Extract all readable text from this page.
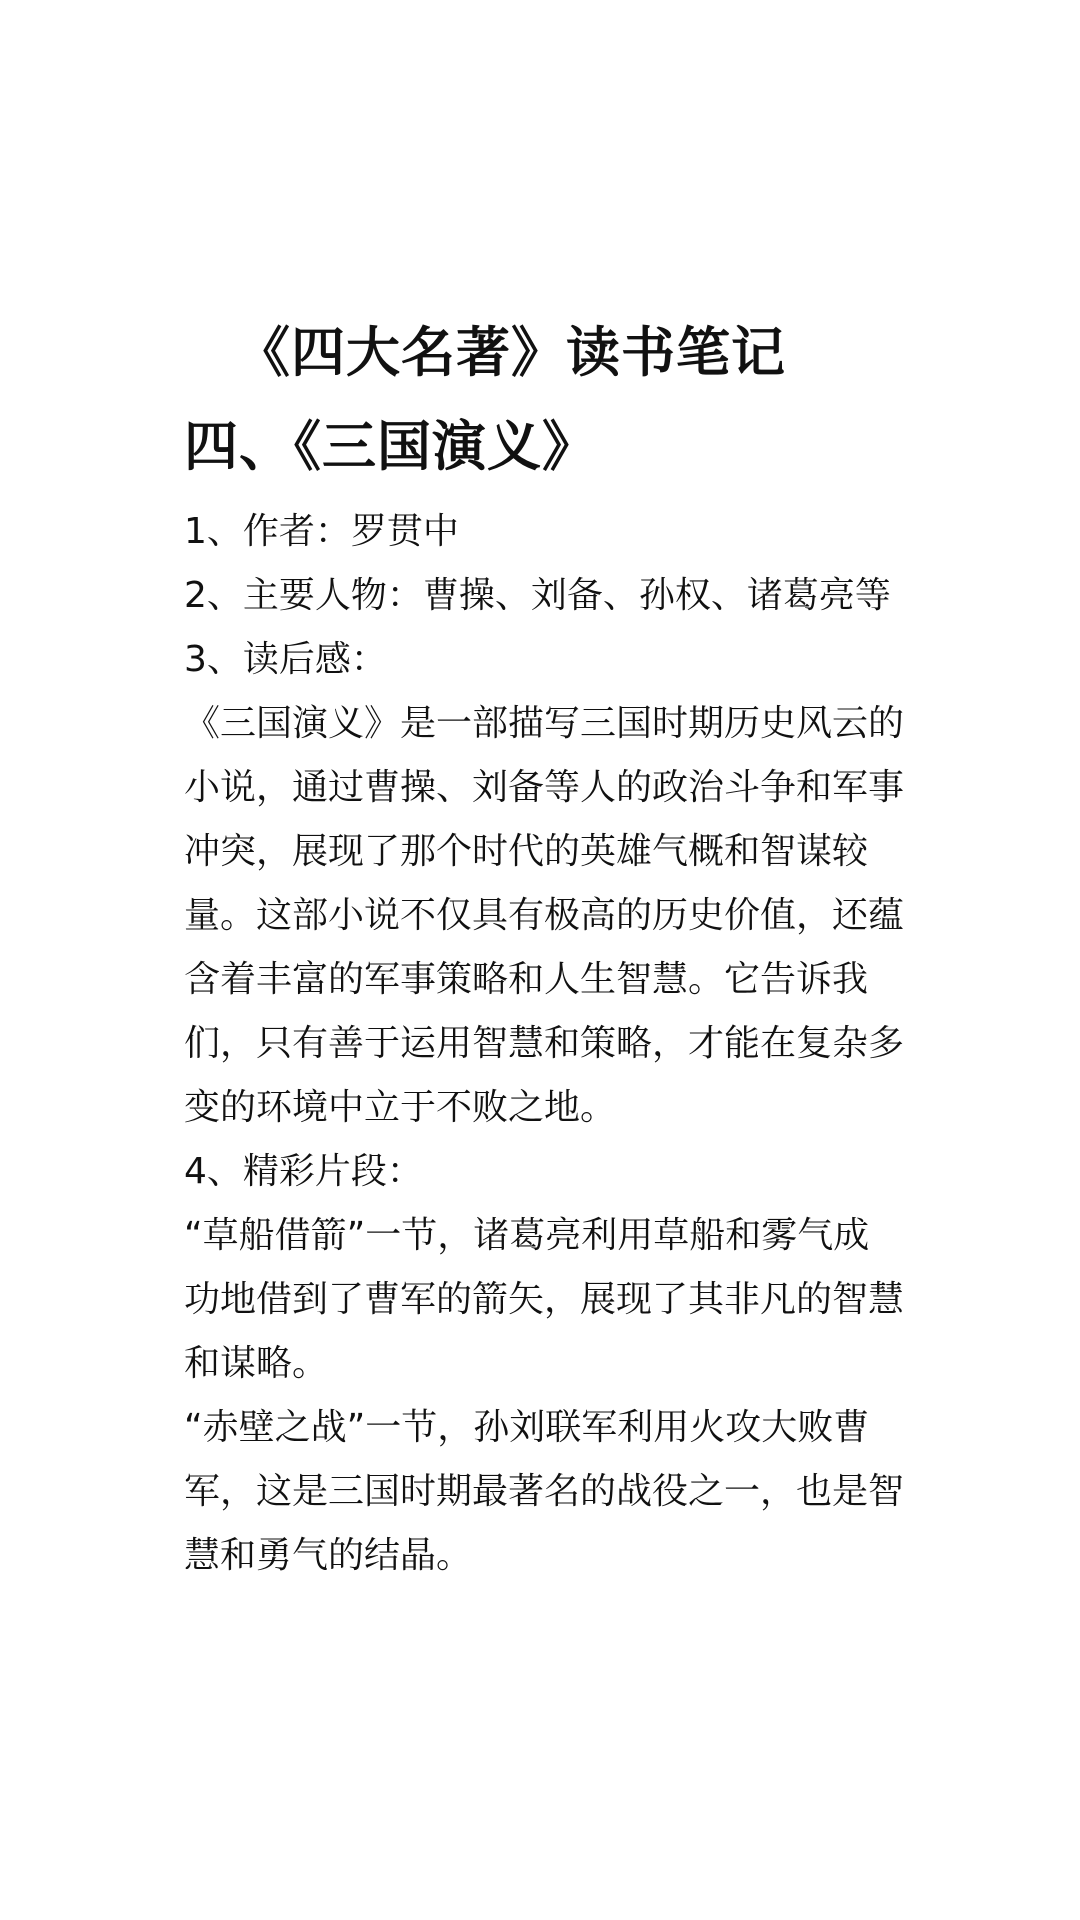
《四大名著》读书笔记
四、《三国演义》

1、作者：罗贯中

2、主要人物：曹操、刘备、孙权、诸葛亮等

3、读后感：

《三国演义》是一部描写三国时期历史风云的小说，通过曹操、刘备等人的政治斗争和军事冲突，展现了那个时代的英雄气概和智谋较量。这部小说不仅具有极高的历史价值，还蕴含着丰富的军事策略和人生智慧。它告诉我们，只有善于运用智慧和策略，才能在复杂多变的环境中立于不败之地。

4、精彩片段：

“草船借箭”一节，诸葛亮利用草船和雾气成功地借到了曹军的箭矢，展现了其非凡的智慧和谋略。

“赤壁之战”一节，孙刘联军利用火攻大败曹军，这是三国时期最著名的战役之一，也是智慧和勇气的结晶。
